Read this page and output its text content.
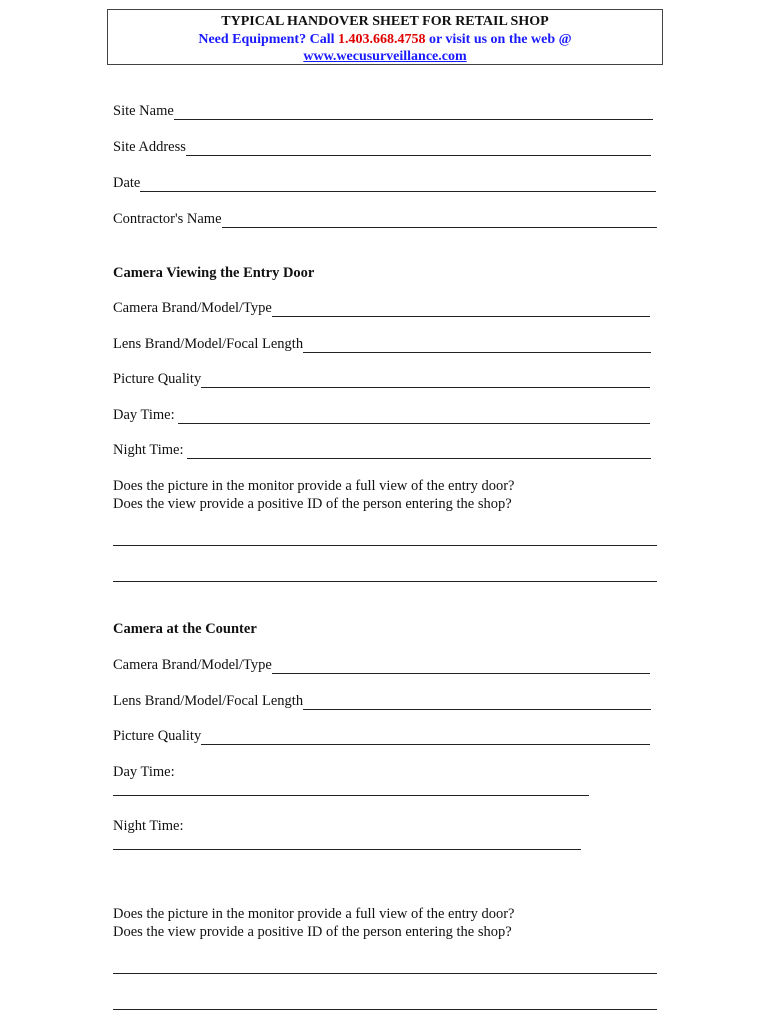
TYPICAL HANDOVER SHEET FOR RETAIL SHOP
Need Equipment? Call 1.403.668.4758 or visit us on the web @
www.wecusurveillance.com
Site Name
Site Address
Date
Contractor's Name
Camera Viewing the Entry Door
Camera Brand/Model/Type
Lens Brand/Model/Focal Length
Picture Quality
Day Time:
Night Time:
Does the picture in the monitor provide a full view of the entry door?
Does the view provide a positive ID of the person entering the shop?
Camera at the Counter
Camera Brand/Model/Type
Lens Brand/Model/Focal Length
Picture Quality
Day Time:
Night Time:
Does the picture in the monitor provide a full view of the entry door?
Does the view provide a positive ID of the person entering the shop?
